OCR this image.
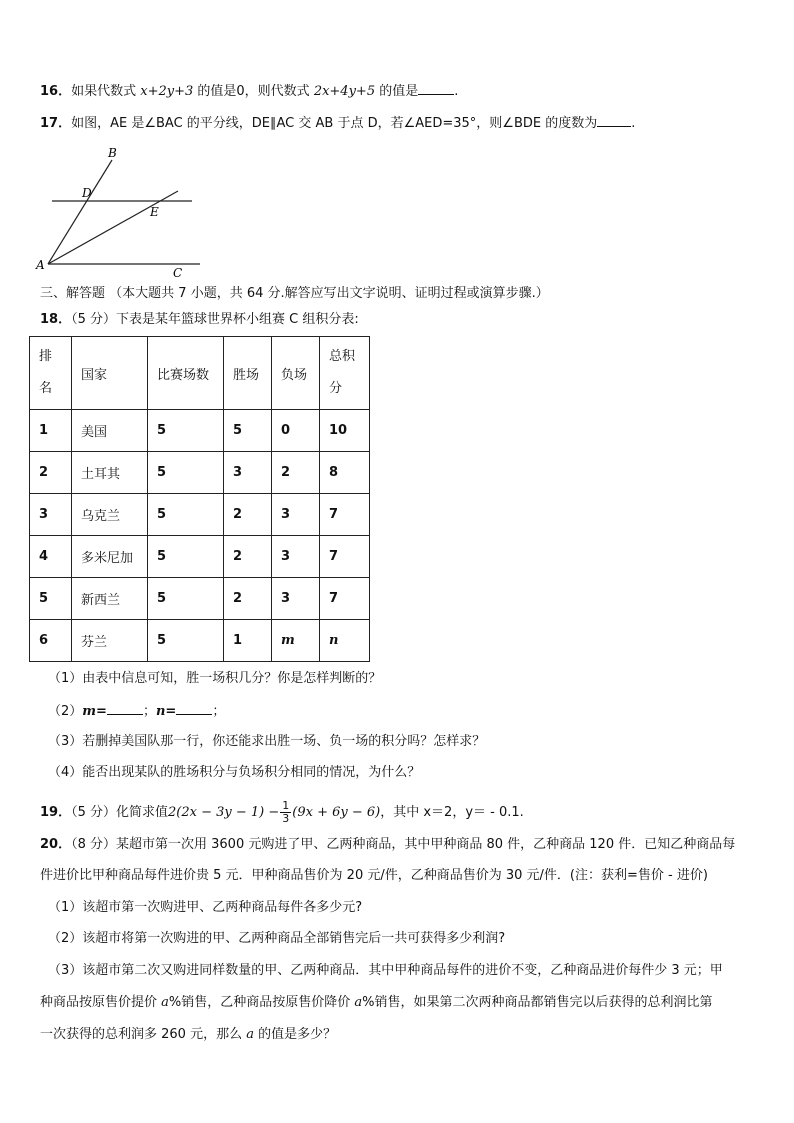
16．如果代数式 x+2y+3 的值是0，则代数式 2x+4y+5 的值是	.
17．如图，AE 是∠BAC 的平分线，DE∥AC 交 AB 于点 D，若∠AED=35°，则∠BDE 的度数为	.
B
D
E
A
C
三、解答题 （本大题共 7 小题，共 64 分.解答应写出文字说明、证明过程或演算步骤.）
18．（5 分）下表是某年篮球世界杯小组赛 C 组积分表:
排名	国家	比赛场数	胜场	负场	总积分

1	美国	5	5	0	10
2	土耳其	5	3	2	8
3	乌克兰	5	2	3	7
4	多米尼加	5	2	3	7
5	新西兰	5	2	3	7
6	芬兰	5	1	m	n
（1）由表中信息可知，胜一场积几分？你是怎样判断的？
（2）m=	；n=	；
（3）若删掉美国队那一行，你还能求出胜一场、负一场的积分吗？怎样求？
（4）能否出现某队的胜场积分与负场积分相同的情况，为什么？
19．（5 分）化简求值$2(2x - 3y - 1) - \frac{1}{3} (9x + 6y - 6)$，其中 x＝2，y＝ - 0.1.
20．（8 分）某超市第一次用 3600 元购进了甲、乙两种商品，其中甲种商品 80 件，乙种商品 120 件．已知乙种商品每
件进价比甲种商品每件进价贵 5 元．甲种商品售价为 20 元/件，乙种商品售价为 30 元/件．(注：获利=售价 - 进价)
（1）该超市第一次购进甲、乙两种商品每件各多少元?
（2）该超市将第一次购进的甲、乙两种商品全部销售完后一共可获得多少利润?
（3）该超市第二次又购进同样数量的甲、乙两种商品．其中甲种商品每件的进价不变，乙种商品进价每件少 3 元；甲
种商品按原售价提价 a%销售，乙种商品按原售价降价 a%销售，如果第二次两种商品都销售完以后获得的总利润比第
一次获得的总利润多 260 元，那么 a 的值是多少？
